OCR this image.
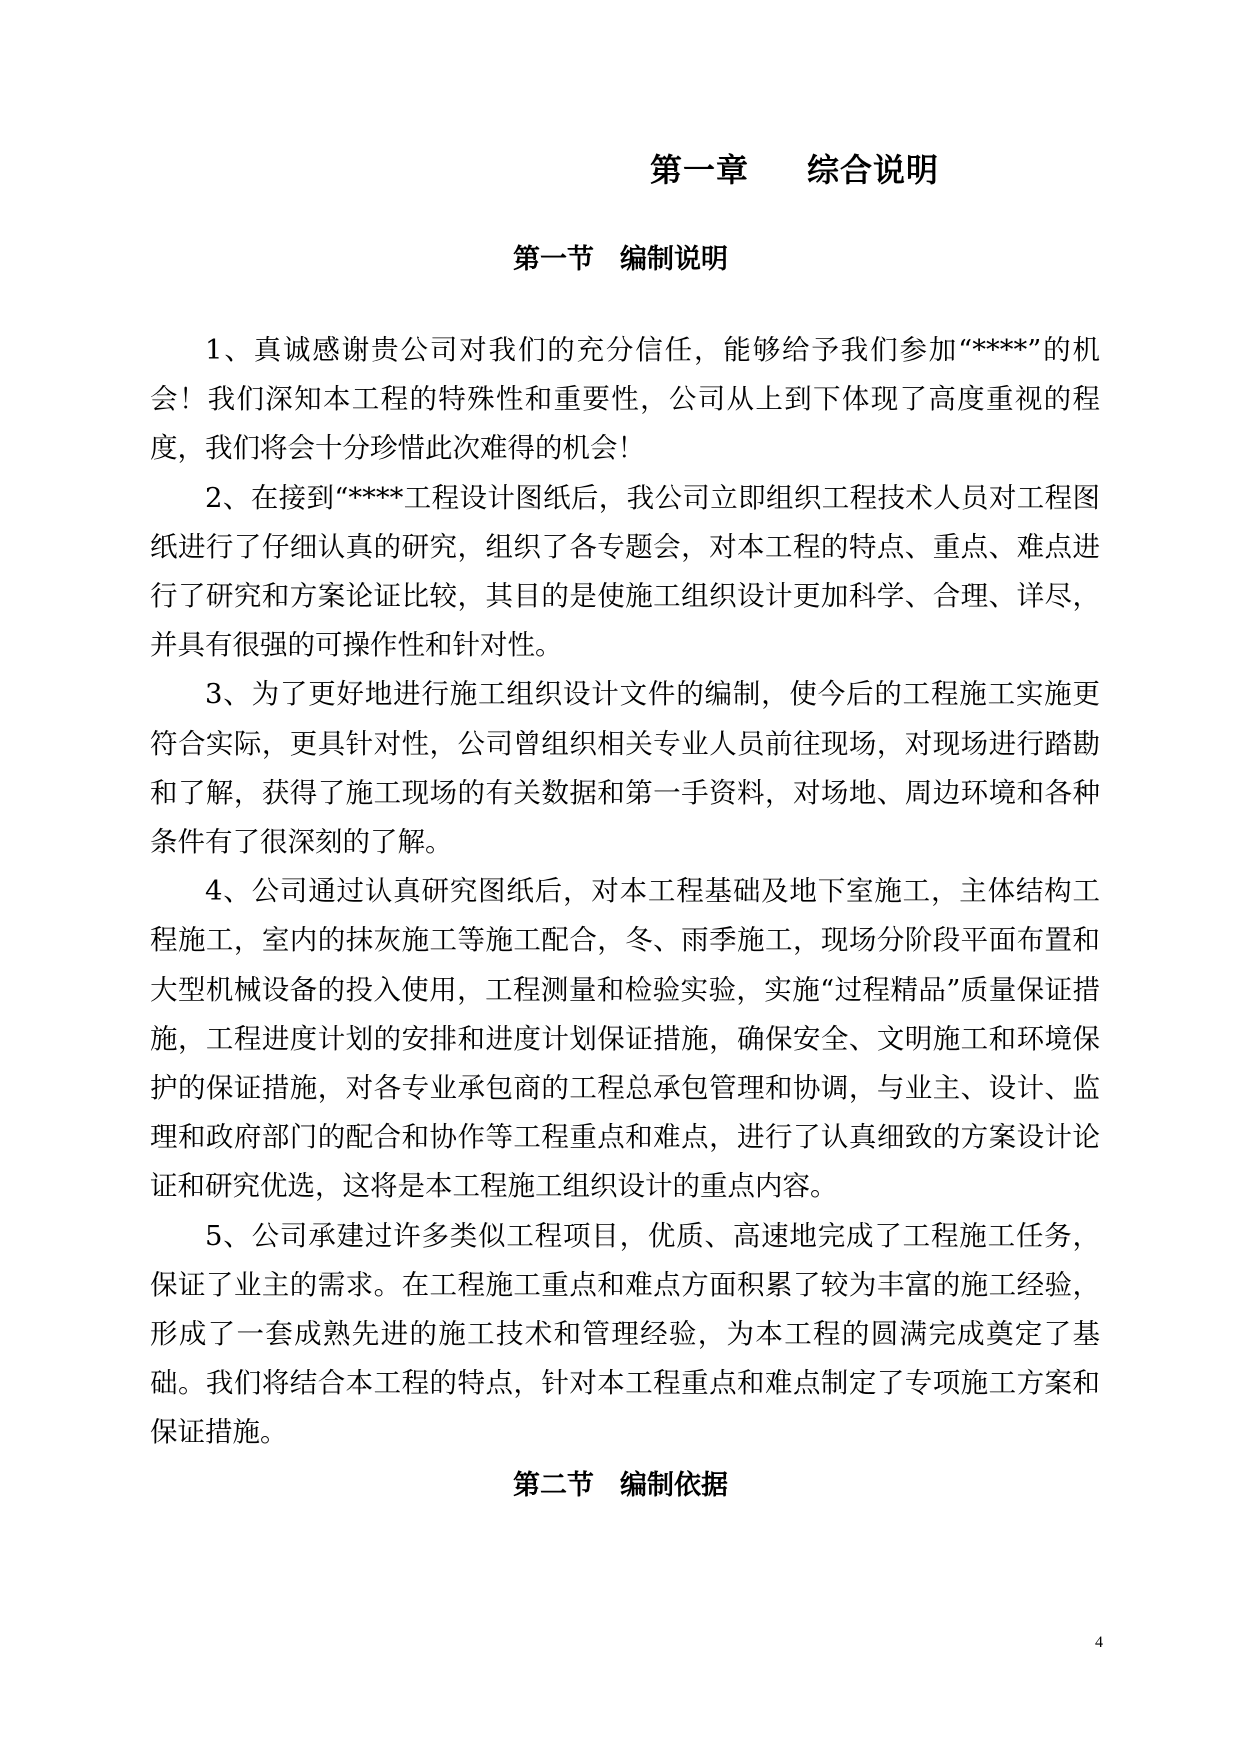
第一章 综合说明
第一节 编制说明

1、真诚感谢贵公司对我们的充分信任，能够给予我们参加“****”的机会！我们深知本工程的特殊性和重要性，公司从上到下体现了高度重视的程度，我们将会十分珍惜此次难得的机会！

2、在接到“****工程设计图纸后，我公司立即组织工程技术人员对工程图纸进行了仔细认真的研究，组织了各专题会，对本工程的特点、重点、难点进行了研究和方案论证比较，其目的是使施工组织设计更加科学、合理、详尽，并具有很强的可操作性和针对性。

3、为了更好地进行施工组织设计文件的编制，使今后的工程施工实施更符合实际，更具针对性，公司曾组织相关专业人员前往现场，对现场进行踏勘和了解，获得了施工现场的有关数据和第一手资料，对场地、周边环境和各种条件有了很深刻的了解。

4、公司通过认真研究图纸后，对本工程基础及地下室施工，主体结构工程施工，室内的抹灰施工等施工配合，冬、雨季施工，现场分阶段平面布置和大型机械设备的投入使用，工程测量和检验实验，实施“过程精品”质量保证措施，工程进度计划的安排和进度计划保证措施，确保安全、文明施工和环境保护的保证措施，对各专业承包商的工程总承包管理和协调，与业主、设计、监理和政府部门的配合和协作等工程重点和难点，进行了认真细致的方案设计论证和研究优选，这将是本工程施工组织设计的重点内容。

5、公司承建过许多类似工程项目，优质、高速地完成了工程施工任务，保证了业主的需求。在工程施工重点和难点方面积累了较为丰富的施工经验，形成了一套成熟先进的施工技术和管理经验，为本工程的圆满完成奠定了基础。我们将结合本工程的特点，针对本工程重点和难点制定了专项施工方案和保证措施。

第二节 编制依据
4
